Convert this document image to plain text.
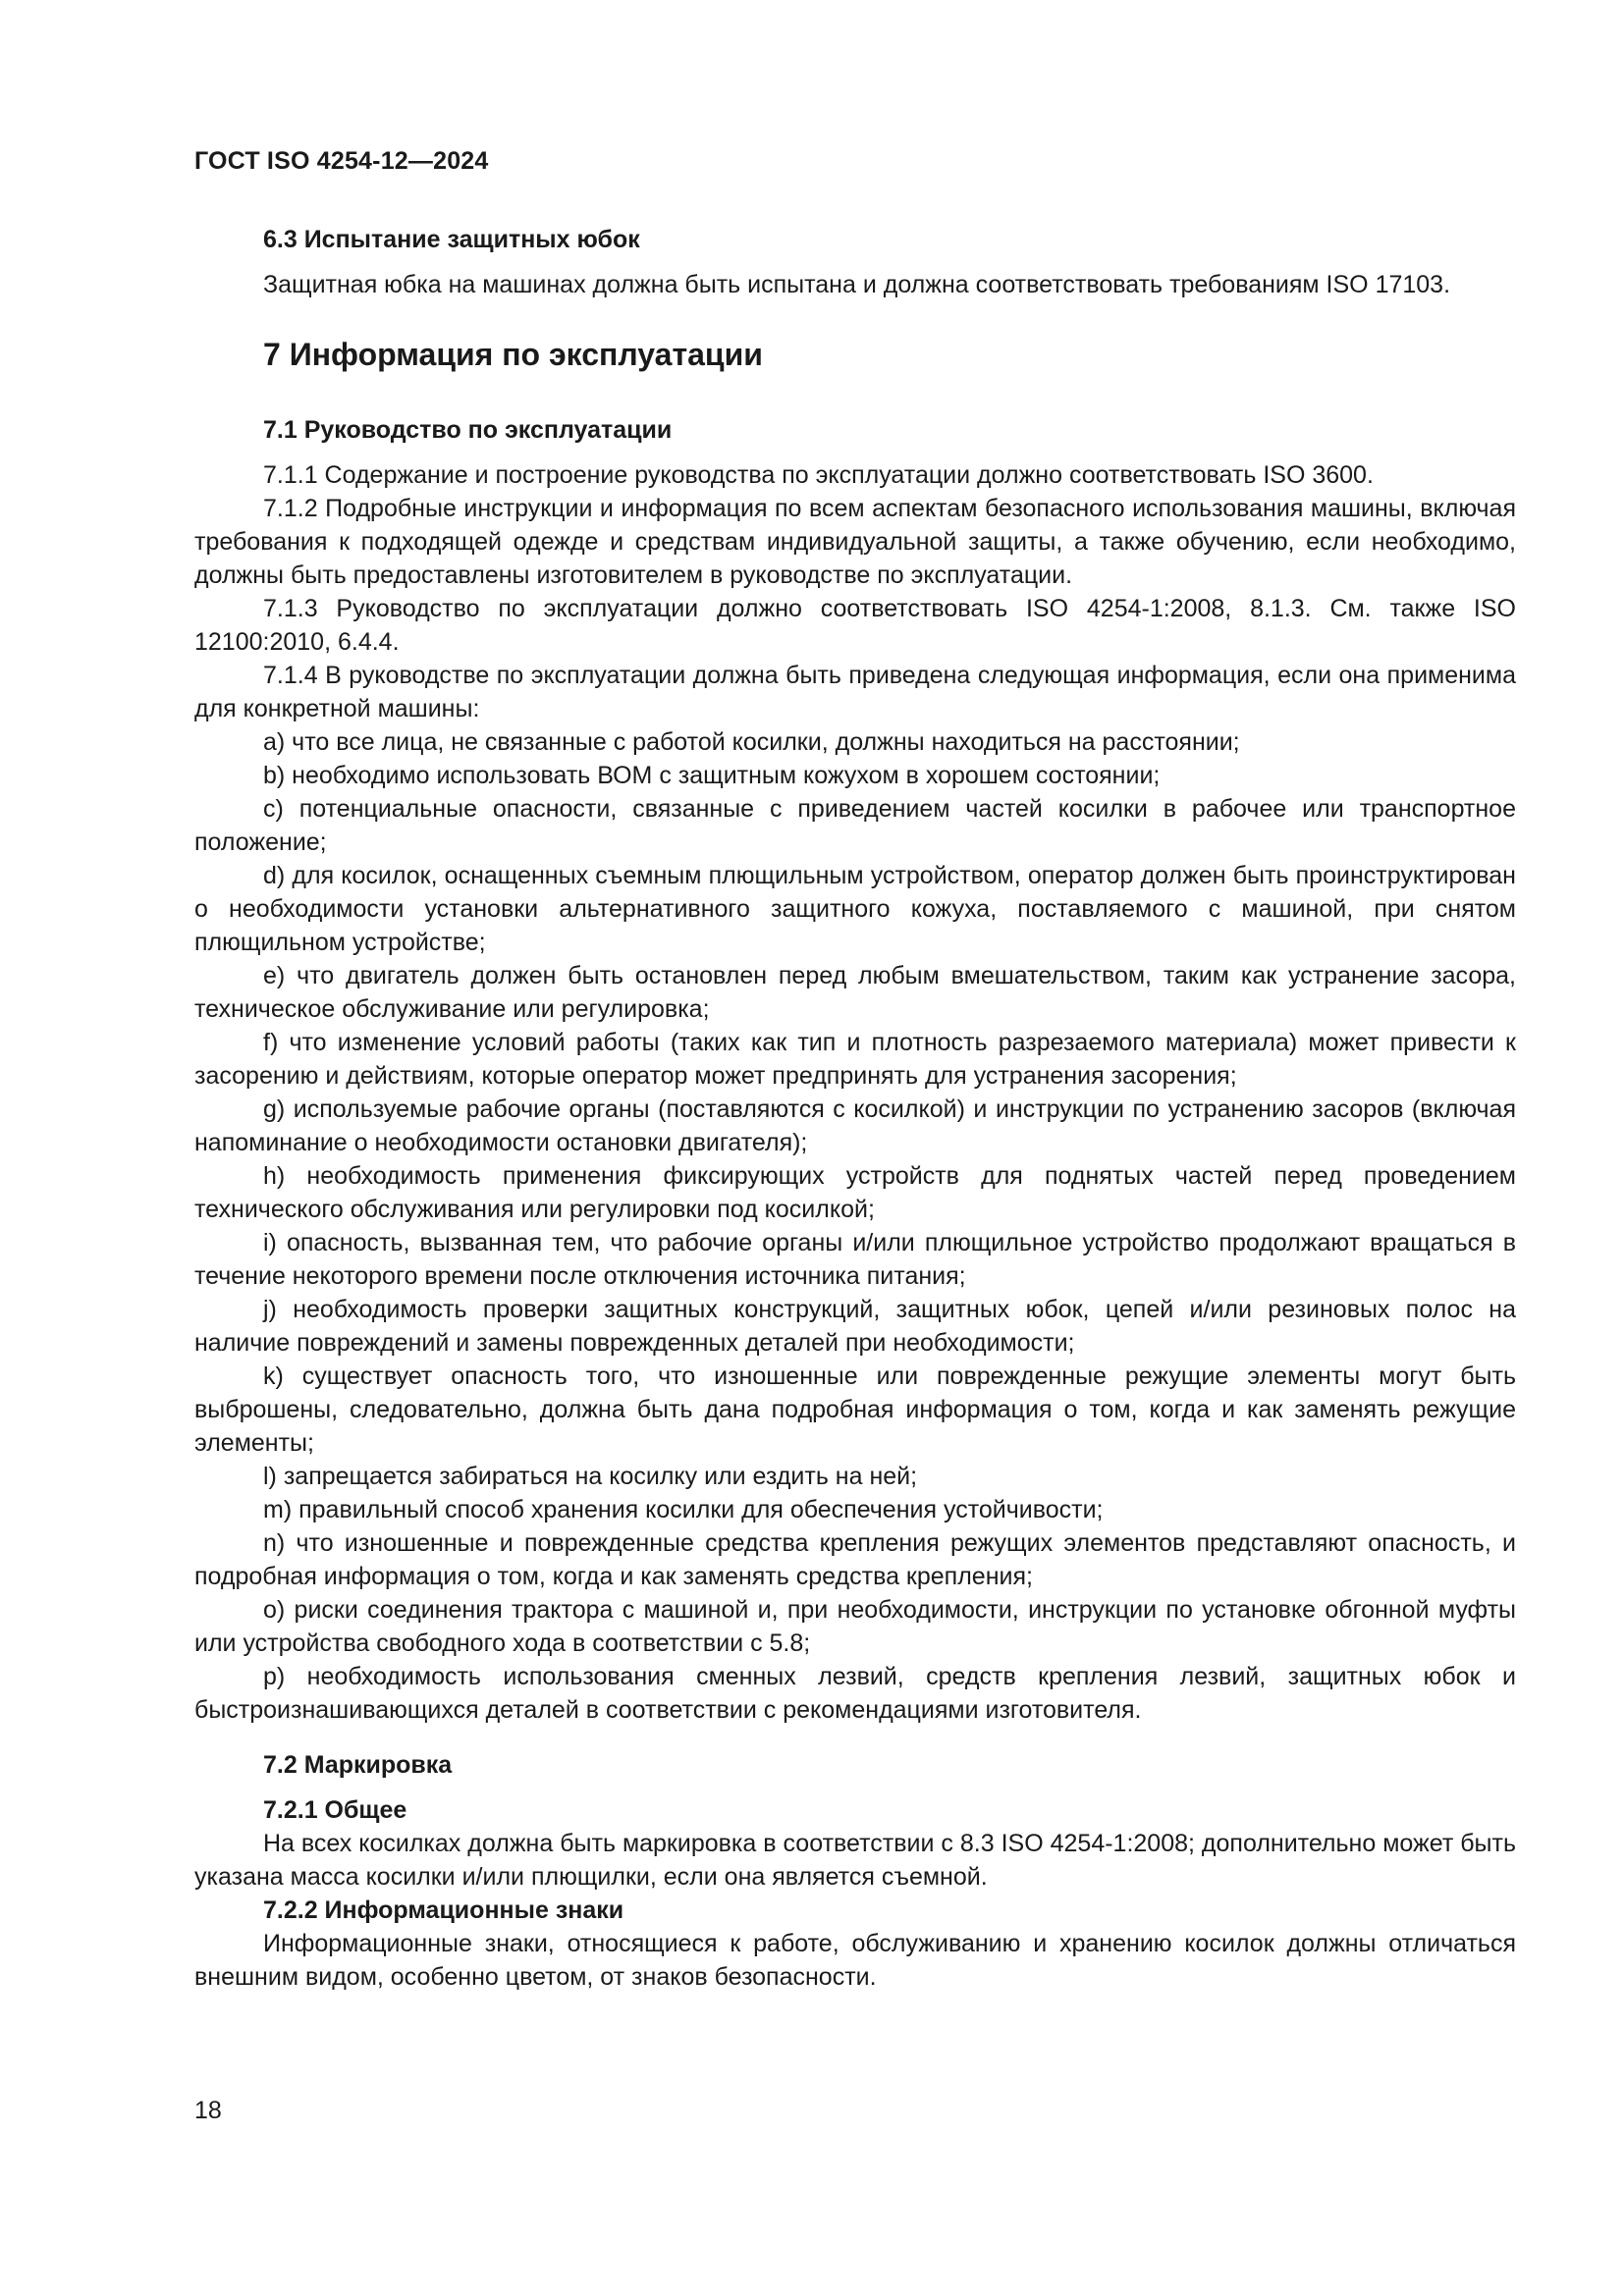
ГОСТ ISO 4254-12—2024
6.3 Испытание защитных юбок

Защитная юбка на машинах должна быть испытана и должна соответствовать требованиям ISO 17103.

7 Информация по эксплуатации
7.1 Руководство по эксплуатации

7.1.1 Содержание и построение руководства по эксплуатации должно соответствовать ISO 3600.

7.1.2 Подробные инструкции и информация по всем аспектам безопасного использования машины, включая требования к подходящей одежде и средствам индивидуальной защиты, а также обучению, если необходимо, должны быть предоставлены изготовителем в руководстве по эксплуатации.

7.1.3 Руководство по эксплуатации должно соответствовать ISO 4254-1:2008, 8.1.3. См. также ISO 12100:2010, 6.4.4.

7.1.4 В руководстве по эксплуатации должна быть приведена следующая информация, если она применима для конкретной машины:

а) что все лица, не связанные с работой косилки, должны находиться на расстоянии;

b) необходимо использовать ВОМ с защитным кожухом в хорошем состоянии;

с) потенциальные опасности, связанные с приведением частей косилки в рабочее или транспортное положение;

d) для косилок, оснащенных съемным плющильным устройством, оператор должен быть проинструктирован о необходимости установки альтернативного защитного кожуха, поставляемого с машиной, при снятом плющильном устройстве;

е) что двигатель должен быть остановлен перед любым вмешательством, таким как устранение засора, техническое обслуживание или регулировка;

f) что изменение условий работы (таких как тип и плотность разрезаемого материала) может привести к засорению и действиям, которые оператор может предпринять для устранения засорения;

g) используемые рабочие органы (поставляются с косилкой) и инструкции по устранению засоров (включая напоминание о необходимости остановки двигателя);

h) необходимость применения фиксирующих устройств для поднятых частей перед проведением технического обслуживания или регулировки под косилкой;

i) опасность, вызванная тем, что рабочие органы и/или плющильное устройство продолжают вращаться в течение некоторого времени после отключения источника питания;

j) необходимость проверки защитных конструкций, защитных юбок, цепей и/или резиновых полос на наличие повреждений и замены поврежденных деталей при необходимости;

k) существует опасность того, что изношенные или поврежденные режущие элементы могут быть выброшены, следовательно, должна быть дана подробная информация о том, когда и как заменять режущие элементы;

l) запрещается забираться на косилку или ездить на ней;

m) правильный способ хранения косилки для обеспечения устойчивости;

n) что изношенные и поврежденные средства крепления режущих элементов представляют опасность, и подробная информация о том, когда и как заменять средства крепления;

о) риски соединения трактора с машиной и, при необходимости, инструкции по установке обгонной муфты или устройства свободного хода в соответствии с 5.8;

р) необходимость использования сменных лезвий, средств крепления лезвий, защитных юбок и быстроизнашивающихся деталей в соответствии с рекомендациями изготовителя.

7.2 Маркировка
7.2.1 Общее

На всех косилках должна быть маркировка в соответствии с 8.3 ISO 4254-1:2008; дополнительно может быть указана масса косилки и/или плющилки, если она является съемной.

7.2.2 Информационные знаки

Информационные знаки, относящиеся к работе, обслуживанию и хранению косилок должны отличаться внешним видом, особенно цветом, от знаков безопасности.

18
